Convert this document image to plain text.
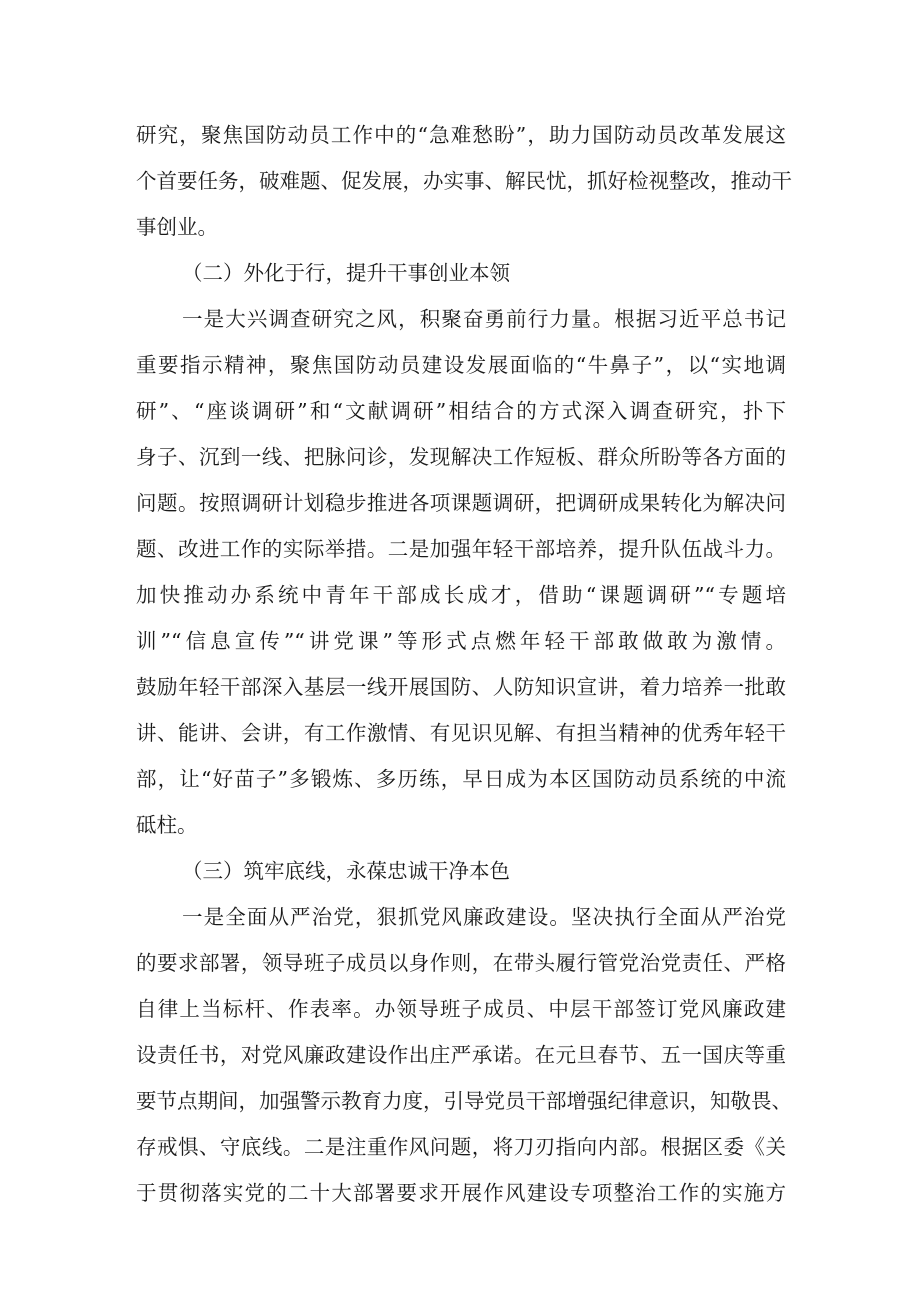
研究，聚焦国防动员工作中的“急难愁盼”，助力国防动员改革发展这
个首要任务，破难题、促发展，办实事、解民忧，抓好检视整改，推动干
事创业。
（二）外化于行，提升干事创业本领
一是大兴调查研究之风，积聚奋勇前行力量。根据习近平总书记
重要指示精神，聚焦国防动员建设发展面临的“牛鼻子”，以“实地调
研”、“座谈调研”和“文献调研”相结合的方式深入调查研究，扑下
身子、沉到一线、把脉问诊，发现解决工作短板、群众所盼等各方面的
问题。按照调研计划稳步推进各项课题调研，把调研成果转化为解决问
题、改进工作的实际举措。二是加强年轻干部培养，提升队伍战斗力。
加快推动办系统中青年干部成长成才，借助“课题调研”“专题培
训”“信息宣传”“讲党课”等形式点燃年轻干部敢做敢为激情。
鼓励年轻干部深入基层一线开展国防、人防知识宣讲，着力培养一批敢
讲、能讲、会讲，有工作激情、有见识见解、有担当精神的优秀年轻干
部，让“好苗子”多锻炼、多历练，早日成为本区国防动员系统的中流
砥柱。
（三）筑牢底线，永葆忠诚干净本色
一是全面从严治党，狠抓党风廉政建设。坚决执行全面从严治党
的要求部署，领导班子成员以身作则，在带头履行管党治党责任、严格
自律上当标杆、作表率。办领导班子成员、中层干部签订党风廉政建
设责任书，对党风廉政建设作出庄严承诺。在元旦春节、五一国庆等重
要节点期间，加强警示教育力度，引导党员干部增强纪律意识，知敬畏、
存戒惧、守底线。二是注重作风问题，将刀刃指向内部。根据区委《关
于贯彻落实党的二十大部署要求开展作风建设专项整治工作的实施方
